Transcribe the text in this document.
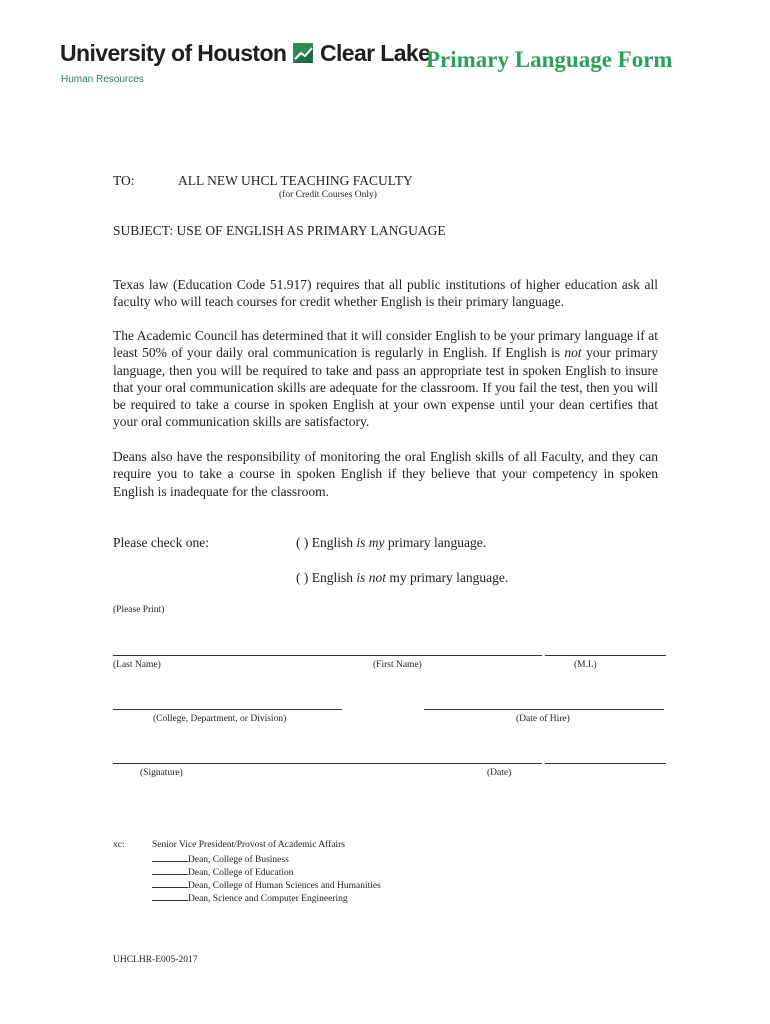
University of Houston Clear Lake
Human Resources
Primary Language Form
TO:	ALL NEW UHCL TEACHING FACULTY
(for Credit Courses Only)
SUBJECT: USE OF ENGLISH AS PRIMARY LANGUAGE
Texas law (Education Code 51.917) requires that all public institutions of higher education ask all faculty who will teach courses for credit whether English is their primary language.
The Academic Council has determined that it will consider English to be your primary language if at least 50% of your daily oral communication is regularly in English. If English is not your primary language, then you will be required to take and pass an appropriate test in spoken English to insure that your oral communication skills are adequate for the classroom. If you fail the test, then you will be required to take a course in spoken English at your own expense until your dean certifies that your oral communication skills are satisfactory.
Deans also have the responsibility of monitoring the oral English skills of all Faculty, and they can require you to take a course in spoken English if they believe that your competency in spoken English is inadequate for the classroom.
Please check one:	( ) English is my primary language.
( ) English is not my primary language.
(Please Print)
(Last Name)	(First Name)	(M.I.)
(College, Department, or Division)	(Date of Hire)
(Signature)	(Date)
xc:	Senior Vice President/Provost of Academic Affairs
Dean, College of Business
Dean, College of Education
Dean, College of Human Sciences and Humanities
Dean, Science and Computer Engineering
UHCLHR-E005-2017
